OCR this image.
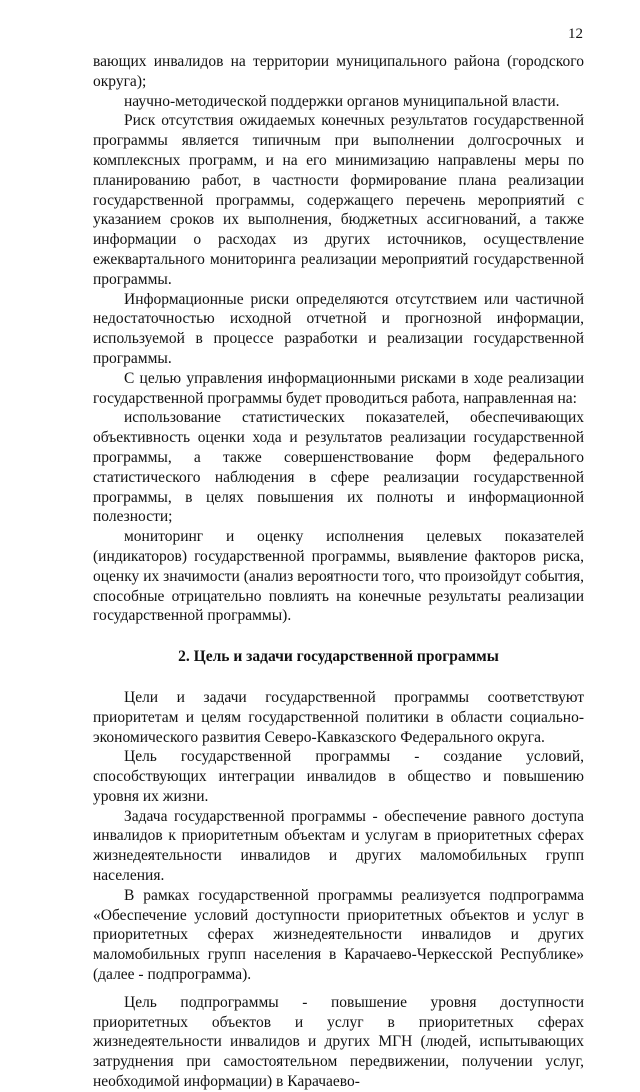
12

вающих инвалидов на территории муниципального района (городского округа);

научно-методической поддержки органов муниципальной власти.

Риск отсутствия ожидаемых конечных результатов государственной программы является типичным при выполнении долгосрочных и комплексных программ, и на его минимизацию направлены меры по планированию работ, в частности формирование плана реализации государственной программы, содержащего перечень мероприятий с указанием сроков их выполнения, бюджетных ассигнований, а также информации о расходах из других источников, осуществление ежеквартального мониторинга реализации мероприятий государственной программы.

Информационные риски определяются отсутствием или частичной недостаточностью исходной отчетной и прогнозной информации, используемой в процессе разработки и реализации государственной программы.

С целью управления информационными рисками в ходе реализации государственной программы будет проводиться работа, направленная на:

использование статистических показателей, обеспечивающих объективность оценки хода и результатов реализации государственной программы, а также совершенствование форм федерального статистического наблюдения в сфере реализации государственной программы, в целях повышения их полноты и информационной полезности;

мониторинг и оценку исполнения целевых показателей (индикаторов) государственной программы, выявление факторов риска, оценку их значимости (анализ вероятности того, что произойдут события, способные отрицательно повлиять на конечные результаты реализации государственной программы).

2. Цель и задачи государственной программы

Цели и задачи государственной программы соответствуют приоритетам и целям государственной политики в области социально-экономического развития Северо-Кавказского Федерального округа.

Цель государственной программы - создание условий, способствующих интеграции инвалидов в общество и повышению уровня их жизни.

Задача государственной программы - обеспечение равного доступа инвалидов к приоритетным объектам и услугам в приоритетных сферах жизнедеятельности инвалидов и других маломобильных групп населения.

В рамках государственной программы реализуется подпрограмма «Обеспечение условий доступности приоритетных объектов и услуг в приоритетных сферах жизнедеятельности инвалидов и других маломобильных групп населения в Карачаево-Черкесской Республике» (далее - подпрограмма).

Цель подпрограммы - повышение уровня доступности приоритетных объектов и услуг в приоритетных сферах жизнедеятельности инвалидов и других МГН (людей, испытывающих затруднения при самостоятельном передвижении, получении услуг, необходимой информации) в Карачаево-
